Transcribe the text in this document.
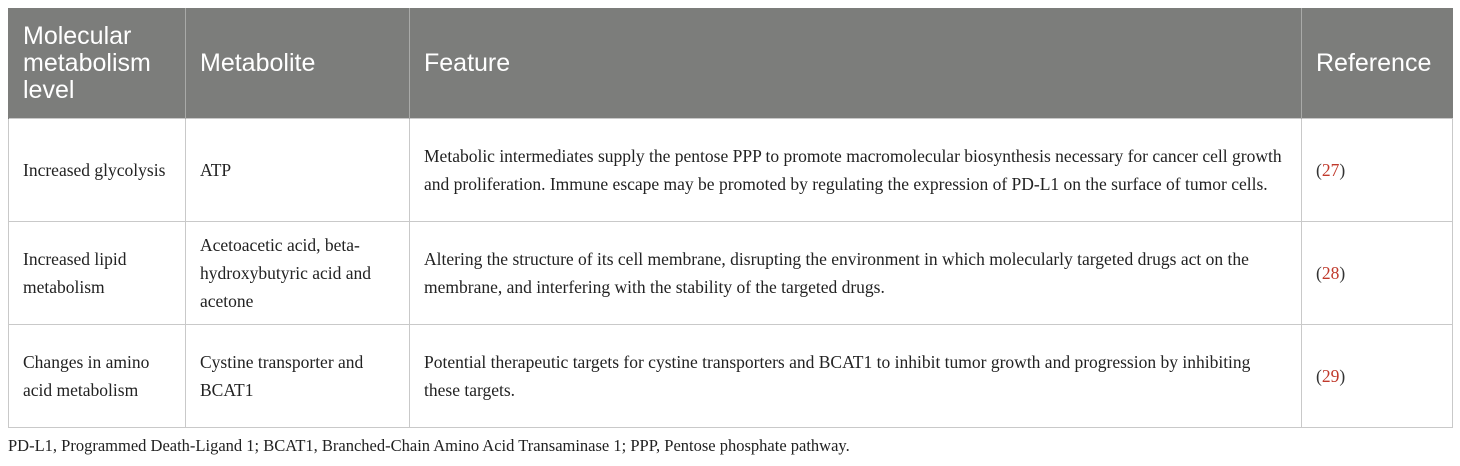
Molecular metabolism level	Metabolite	Feature	Reference
Increased glycolysis	ATP	Metabolic intermediates supply the pentose PPP to promote macromolecular biosynthesis necessary for cancer cell growth and proliferation. Immune escape may be promoted by regulating the expression of PD-L1 on the surface of tumor cells.	(27)
Increased lipid metabolism	Acetoacetic acid, beta-hydroxybutyric acid and acetone	Altering the structure of its cell membrane, disrupting the environment in which molecularly targeted drugs act on the membrane, and interfering with the stability of the targeted drugs.	(28)
Changes in amino acid metabolism	Cystine transporter and BCAT1	Potential therapeutic targets for cystine transporters and BCAT1 to inhibit tumor growth and progression by inhibiting these targets.	(29)
PD-L1, Programmed Death-Ligand 1; BCAT1, Branched-Chain Amino Acid Transaminase 1; PPP, Pentose phosphate pathway.
